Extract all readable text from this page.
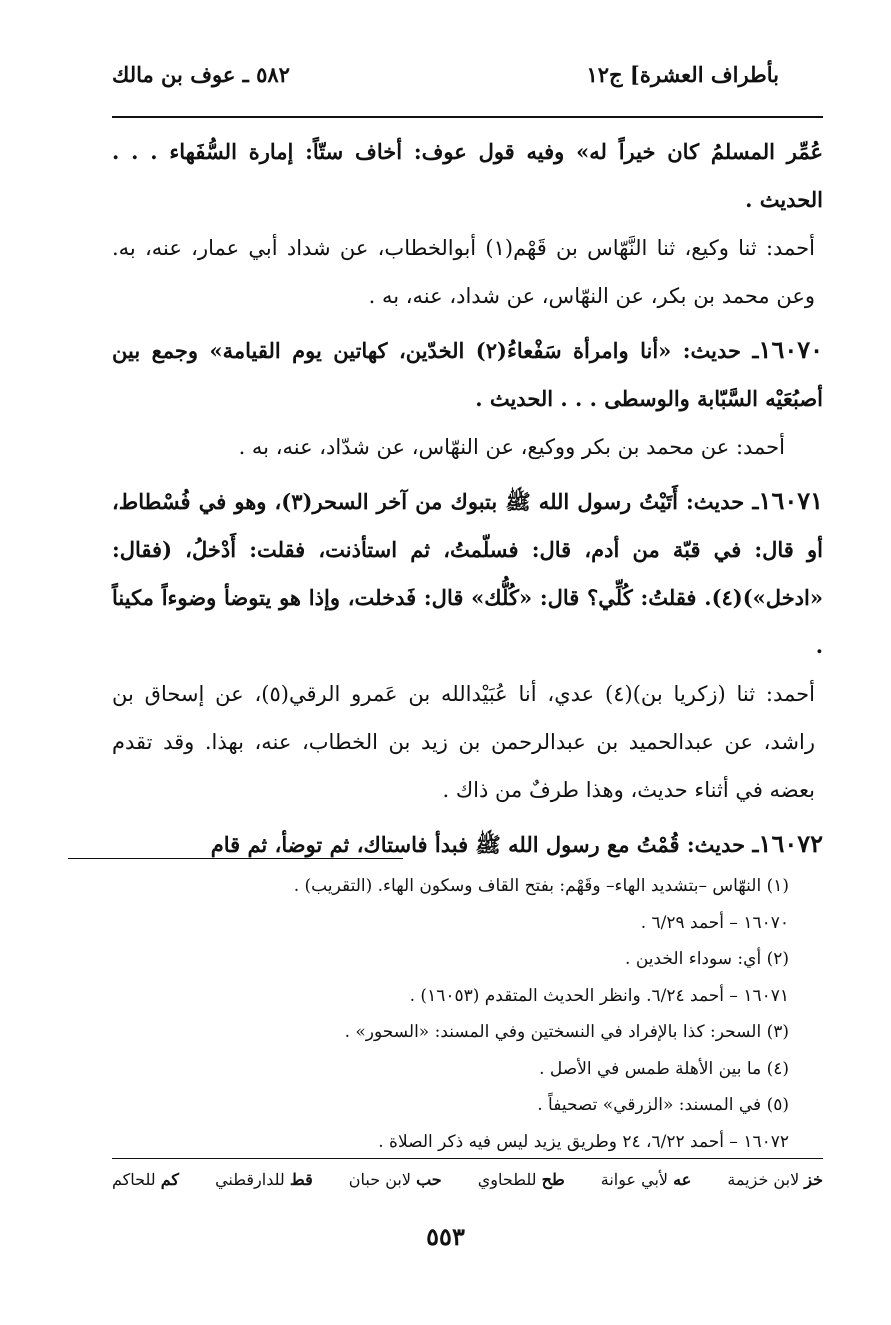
بأطراف العشرة] ج١٢
٥٨٢ ـ عوف بن مالك

عُمِّر المسلمُ كان خيراً له» وفيه قول عوف: أخاف ستّاً: إمارة السُّفَهاء . . . الحديث .

أحمد: ثنا وكيع، ثنا النَّهّاس بن قَهْم(١) أبوالخطاب، عن شداد أبي عمار، عنه، به. وعن محمد بن بكر، عن النهّاس، عن شداد، عنه، به .

١٦٠٧٠ـ حديث: «أنا وامرأة سَفْعاءُ(٢) الخدّين، كهاتين يوم القيامة» وجمع بين أصبُعَيْه السَّبّابة والوسطى . . . الحديث .

أحمد: عن محمد بن بكر ووكيع، عن النهّاس، عن شدّاد، عنه، به .

١٦٠٧١ـ حديث: أَتَيْتُ رسول الله ﷺ بتبوك من آخر السحر(٣)، وهو في فُسْطاط، أو قال: في قبّة من أدم، قال: فسلّمتُ، ثم استأذنت، فقلت: أَدْخلُ، (فقال: «ادخل»)(٤). فقلتُ: كُلِّي؟ قال: «كُلُّك» قال: فَدخلت، وإذا هو يتوضأ وضوءاً مكيناً .

أحمد: ثنا (زكريا بن)(٤) عدي، أنا عُبَيْدالله بن عَمرو الرقي(٥)، عن إسحاق بن راشد، عن عبدالحميد بن عبدالرحمن بن زيد بن الخطاب، عنه، بهذا. وقد تقدم بعضه في أثناء حديث، وهذا طرفٌ من ذاك .

١٦٠٧٢ـ حديث: قُمْتُ مع رسول الله ﷺ فبدأ فاستاك، ثم توضأ، ثم قام

(١) النهّاس –بتشديد الهاء– وقَهْم: بفتح القاف وسكون الهاء. (التقريب) .

١٦٠٧٠ – أحمد ٦/٢٩ .

(٢) أي: سوداء الخدين .

١٦٠٧١ – أحمد ٦/٢٤. وانظر الحديث المتقدم (١٦٠٥٣) .

(٣) السحر: كذا بالإفراد في النسختين وفي المسند: «السحور» .

(٤) ما بين الأهلة طمس في الأصل .

(٥) في المسند: «الزرقي» تصحيفاً .

١٦٠٧٢ – أحمد ٦/٢٢، ٢٤ وطريق يزيد ليس فيه ذكر الصلاة .

خز لابن خزيمة
عه لأبي عوانة
طح للطحاوي
حب لابن حبان
قط للدارقطني
كم للحاكم
٥٥٣
